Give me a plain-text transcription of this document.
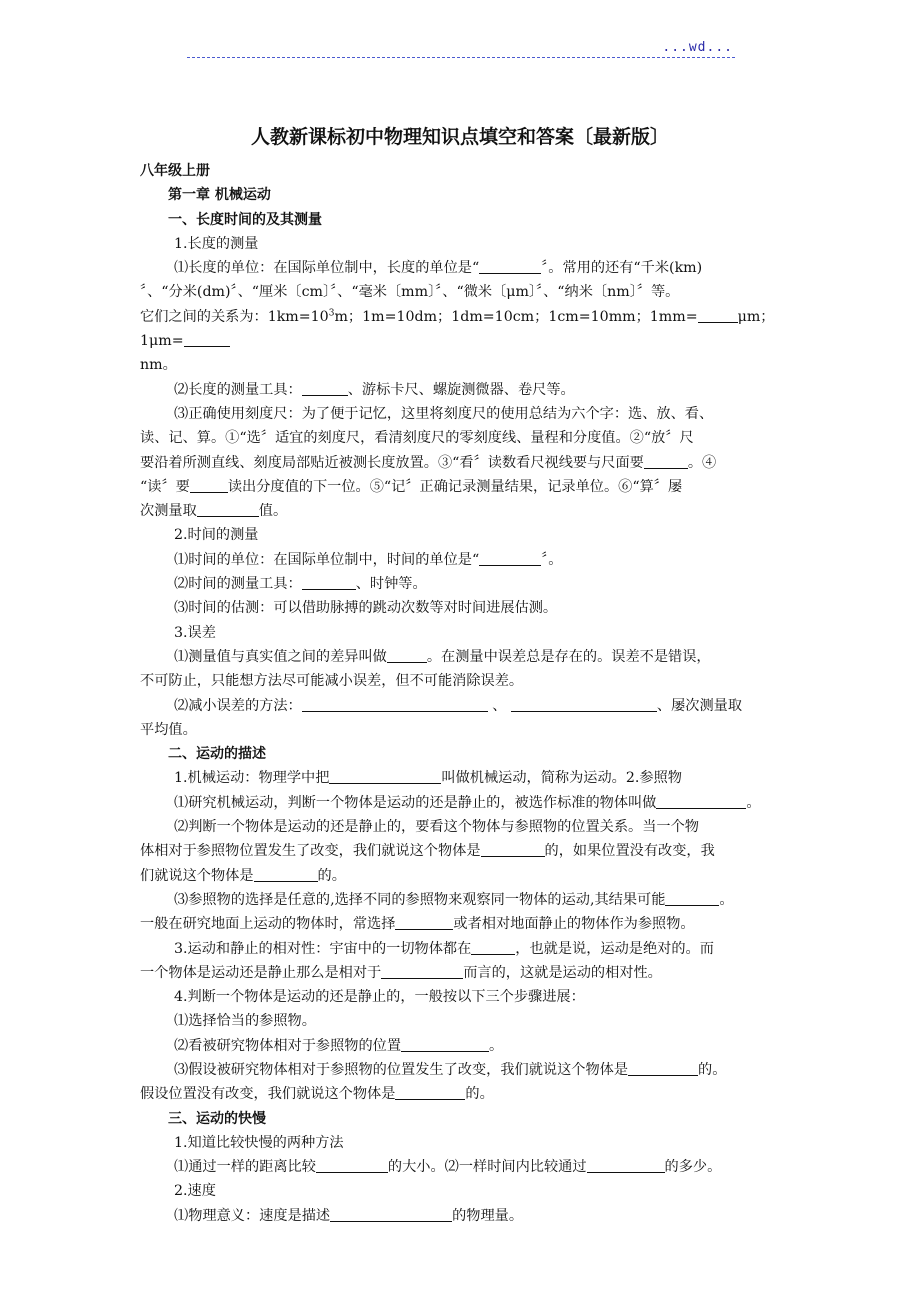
...wd...
人教新课标初中物理知识点填空和答案〔最新版〕

八年级上册

第一章 机械运动

一、长度时间的及其测量

1.长度的测量

⑴长度的单位：在国际单位制中，长度的单位是“	〞。常用的还有“千米(km)

〞、“分米(dm)〞、“厘米〔cm〕〞、“毫米〔mm〕〞、“微米〔μm〕〞、“纳米〔nm〕〞等。

它们之间的关系为：$1km=10^3m$；1m=10dm；1dm=10cm；1cm=10mm；1mm=	μm；1μm=

nm。

⑵长度的测量工具：	、游标卡尺、螺旋测微器、卷尺等。

⑶正确使用刻度尺：为了便于记忆，这里将刻度尺的使用总结为六个字：选、放、看、

读、记、算。①“选〞适宜的刻度尺，看清刻度尺的零刻度线、量程和分度值。②“放〞尺

要沿着所测直线、刻度局部贴近被测长度放置。③“看〞读数看尺视线要与尺面要	。④

“读〞要	读出分度值的下一位。⑤“记〞正确记录测量结果，记录单位。⑥“算〞屡

次测量取	值。

2.时间的测量

⑴时间的单位：在国际单位制中，时间的单位是“	〞。

⑵时间的测量工具：	、时钟等。

⑶时间的估测：可以借助脉搏的跳动次数等对时间进展估测。

3.误差

⑴测量值与真实值之间的差异叫做	。在测量中误差总是存在的。误差不是错误，

不可防止，只能想方法尽可能减小误差，但不可能消除误差。

⑵减小误差的方法：	、	、屡次测量取

平均值。

二、运动的描述

1.机械运动：物理学中把	叫做机械运动，简称为运动。2.参照物

⑴研究机械运动，判断一个物体是运动的还是静止的，被选作标准的物体叫做	。

⑵判断一个物体是运动的还是静止的，要看这个物体与参照物的位置关系。当一个物

体相对于参照物位置发生了改变，我们就说这个物体是	的，如果位置没有改变，我

们就说这个物体是	的。

⑶参照物的选择是任意的,选择不同的参照物来观察同一物体的运动,其结果可能	。

一般在研究地面上运动的物体时，常选择	或者相对地面静止的物体作为参照物。

3.运动和静止的相对性：宇宙中的一切物体都在	，也就是说，运动是绝对的。而

一个物体是运动还是静止那么是相对于	而言的，这就是运动的相对性。

4.判断一个物体是运动的还是静止的，一般按以下三个步骤进展：

⑴选择恰当的参照物。

⑵看被研究物体相对于参照物的位置	。

⑶假设被研究物体相对于参照物的位置发生了改变，我们就说这个物体是	的。

假设位置没有改变，我们就说这个物体是	的。

三、运动的快慢

1.知道比较快慢的两种方法

⑴通过一样的距离比较	的大小。⑵一样时间内比较通过	的多少。

2.速度

⑴物理意义：速度是描述	的物理量。
